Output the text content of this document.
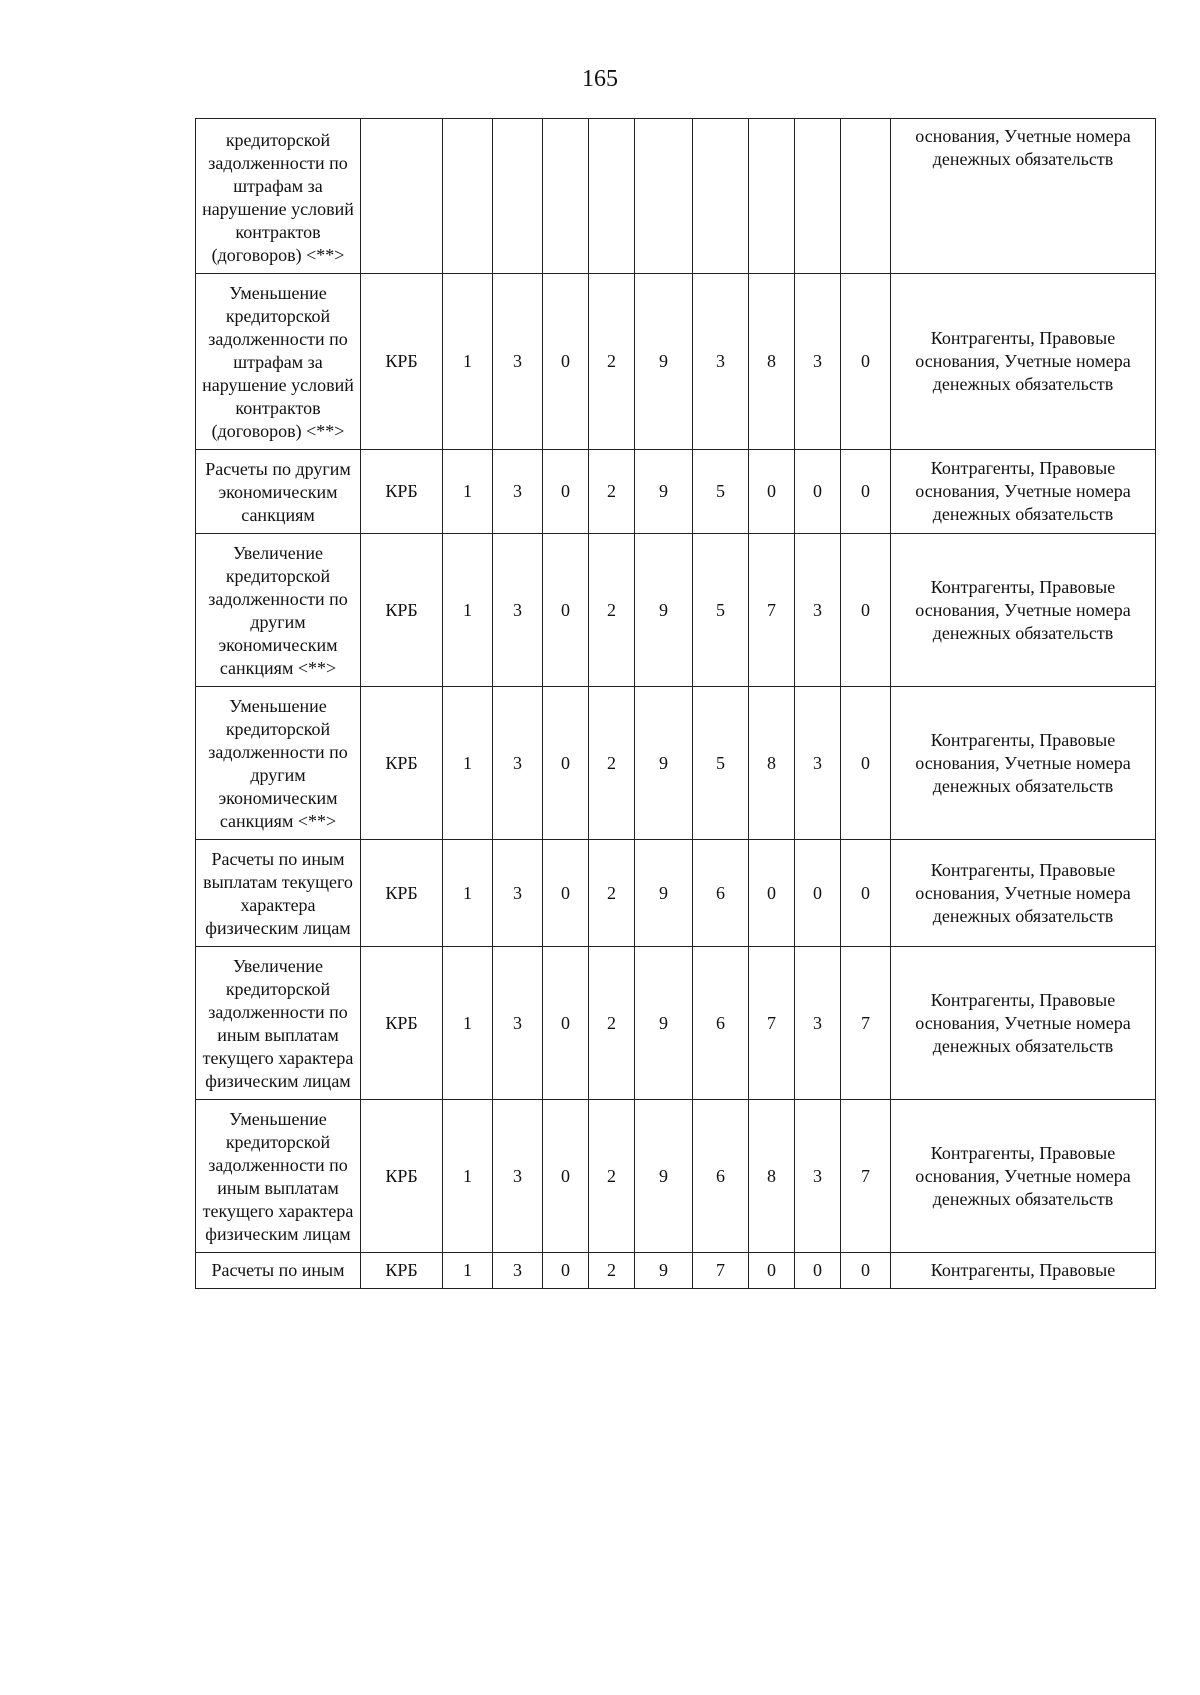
165
кредиторской задолженности по штрафам за нарушение условий контрактов (договоров) <**>											основания, Учетные номера денежных обязательств
Уменьшение кредиторской задолженности по штрафам за нарушение условий контрактов (договоров) <**>	КРБ	1	3	0	2	9	3	8	3	0	Контрагенты, Правовые основания, Учетные номера денежных обязательств
Расчеты по другим экономическим санкциям	КРБ	1	3	0	2	9	5	0	0	0	Контрагенты, Правовые основания, Учетные номера денежных обязательств
Увеличение кредиторской задолженности по другим экономическим санкциям <**>	КРБ	1	3	0	2	9	5	7	3	0	Контрагенты, Правовые основания, Учетные номера денежных обязательств
Уменьшение кредиторской задолженности по другим экономическим санкциям <**>	КРБ	1	3	0	2	9	5	8	3	0	Контрагенты, Правовые основания, Учетные номера денежных обязательств
Расчеты по иным выплатам текущего характера физическим лицам	КРБ	1	3	0	2	9	6	0	0	0	Контрагенты, Правовые основания, Учетные номера денежных обязательств
Увеличение кредиторской задолженности по иным выплатам текущего характера физическим лицам	КРБ	1	3	0	2	9	6	7	3	7	Контрагенты, Правовые основания, Учетные номера денежных обязательств
Уменьшение кредиторской задолженности по иным выплатам текущего характера физическим лицам	КРБ	1	3	0	2	9	6	8	3	7	Контрагенты, Правовые основания, Учетные номера денежных обязательств
Расчеты по иным	КРБ	1	3	0	2	9	7	0	0	0	Контрагенты, Правовые
